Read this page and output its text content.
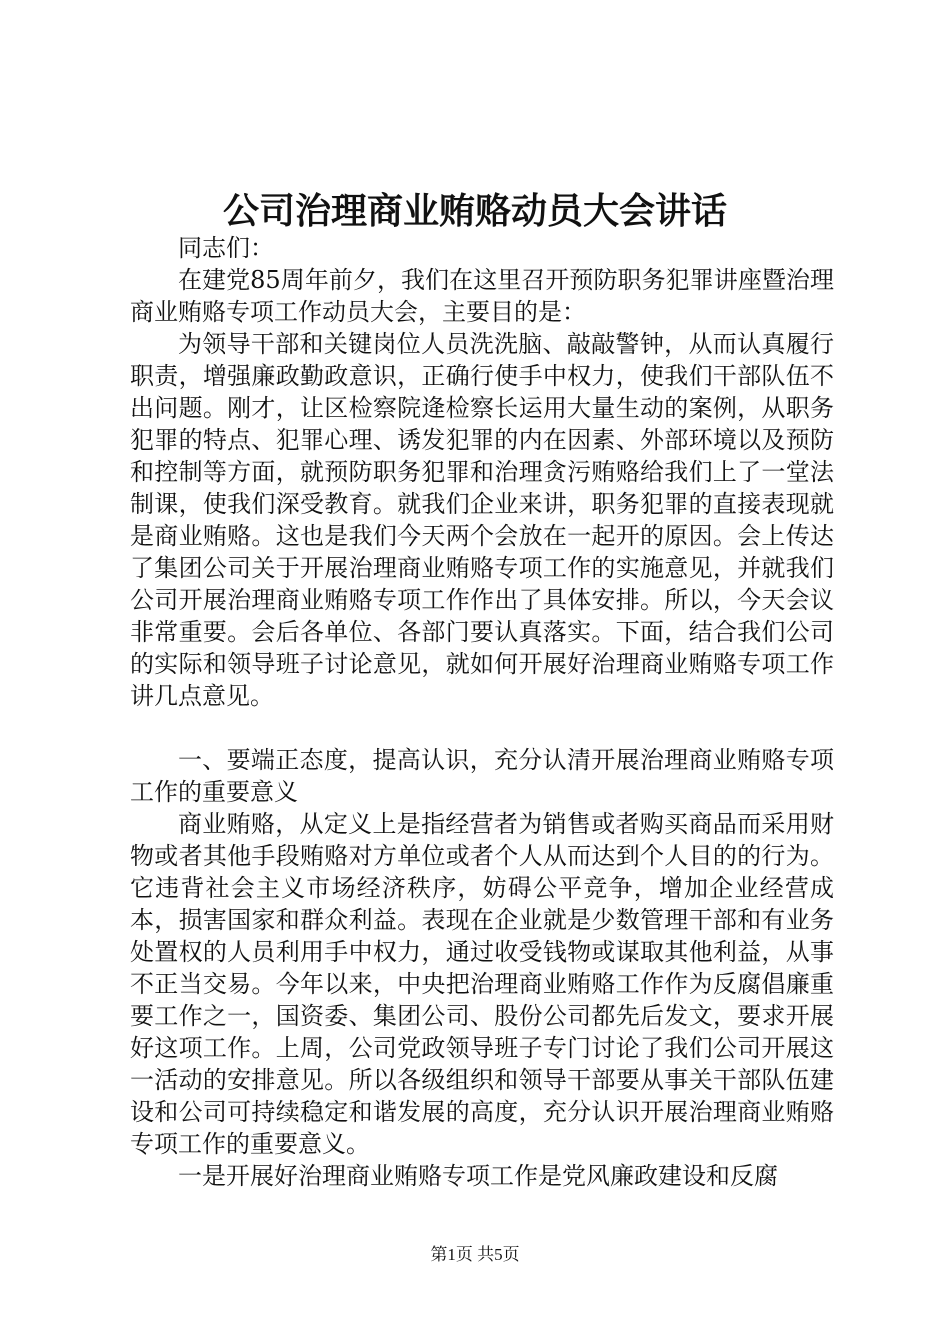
公司治理商业贿赂动员大会讲话

同志们：

在建党85周年前夕，我们在这里召开预防职务犯罪讲座暨治理商业贿赂专项工作动员大会，主要目的是：

为领导干部和关键岗位人员洗洗脑、敲敲警钟，从而认真履行职责，增强廉政勤政意识，正确行使手中权力，使我们干部队伍不出问题。刚才，让区检察院逄检察长运用大量生动的案例，从职务犯罪的特点、犯罪心理、诱发犯罪的内在因素、外部环境以及预防和控制等方面，就预防职务犯罪和治理贪污贿赂给我们上了一堂法制课，使我们深受教育。就我们企业来讲，职务犯罪的直接表现就是商业贿赂。这也是我们今天两个会放在一起开的原因。会上传达了集团公司关于开展治理商业贿赂专项工作的实施意见，并就我们公司开展治理商业贿赂专项工作作出了具体安排。所以，今天会议非常重要。会后各单位、各部门要认真落实。下面，结合我们公司的实际和领导班子讨论意见，就如何开展好治理商业贿赂专项工作讲几点意见。

一、要端正态度，提高认识，充分认清开展治理商业贿赂专项工作的重要意义

商业贿赂，从定义上是指经营者为销售或者购买商品而采用财物或者其他手段贿赂对方单位或者个人从而达到个人目的的行为。它违背社会主义市场经济秩序，妨碍公平竞争，增加企业经营成本，损害国家和群众利益。表现在企业就是少数管理干部和有业务处置权的人员利用手中权力，通过收受钱物或谋取其他利益，从事不正当交易。今年以来，中央把治理商业贿赂工作作为反腐倡廉重要工作之一，国资委、集团公司、股份公司都先后发文，要求开展好这项工作。上周，公司党政领导班子专门讨论了我们公司开展这一活动的安排意见。所以各级组织和领导干部要从事关干部队伍建设和公司可持续稳定和谐发展的高度，充分认识开展治理商业贿赂专项工作的重要意义。

一是开展好治理商业贿赂专项工作是党风廉政建设和反腐

第1页 共5页
